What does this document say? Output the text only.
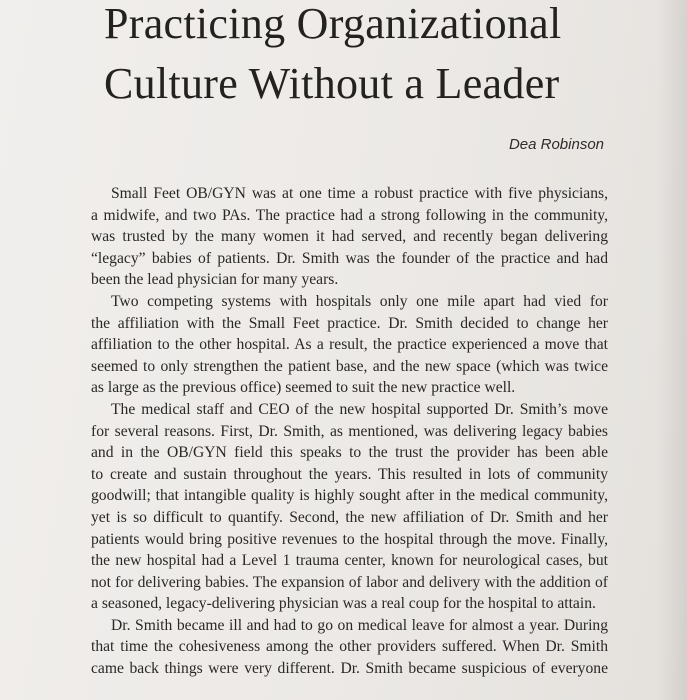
Practicing Organizational
Culture Without a Leader
Dea Robinson
Small Feet OB/GYN was at one time a robust practice with five physicians,
a midwife, and two PAs. The practice had a strong following in the community,
was trusted by the many women it had served, and recently began delivering
“legacy” babies of patients. Dr. Smith was the founder of the practice and had
been the lead physician for many years.
Two competing systems with hospitals only one mile apart had vied for
the affiliation with the Small Feet practice. Dr. Smith decided to change her
affiliation to the other hospital. As a result, the practice experienced a move that
seemed to only strengthen the patient base, and the new space (which was twice
as large as the previous office) seemed to suit the new practice well.
The medical staff and CEO of the new hospital supported Dr. Smith’s move
for several reasons. First, Dr. Smith, as mentioned, was delivering legacy babies
and in the OB/GYN field this speaks to the trust the provider has been able
to create and sustain throughout the years. This resulted in lots of community
goodwill; that intangible quality is highly sought after in the medical community,
yet is so difficult to quantify. Second, the new affiliation of Dr. Smith and her
patients would bring positive revenues to the hospital through the move. Finally,
the new hospital had a Level 1 trauma center, known for neurological cases, but
not for delivering babies. The expansion of labor and delivery with the addition of
a seasoned, legacy-delivering physician was a real coup for the hospital to attain.
Dr. Smith became ill and had to go on medical leave for almost a year. During
that time the cohesiveness among the other providers suffered. When Dr. Smith
came back things were very different. Dr. Smith became suspicious of everyone
